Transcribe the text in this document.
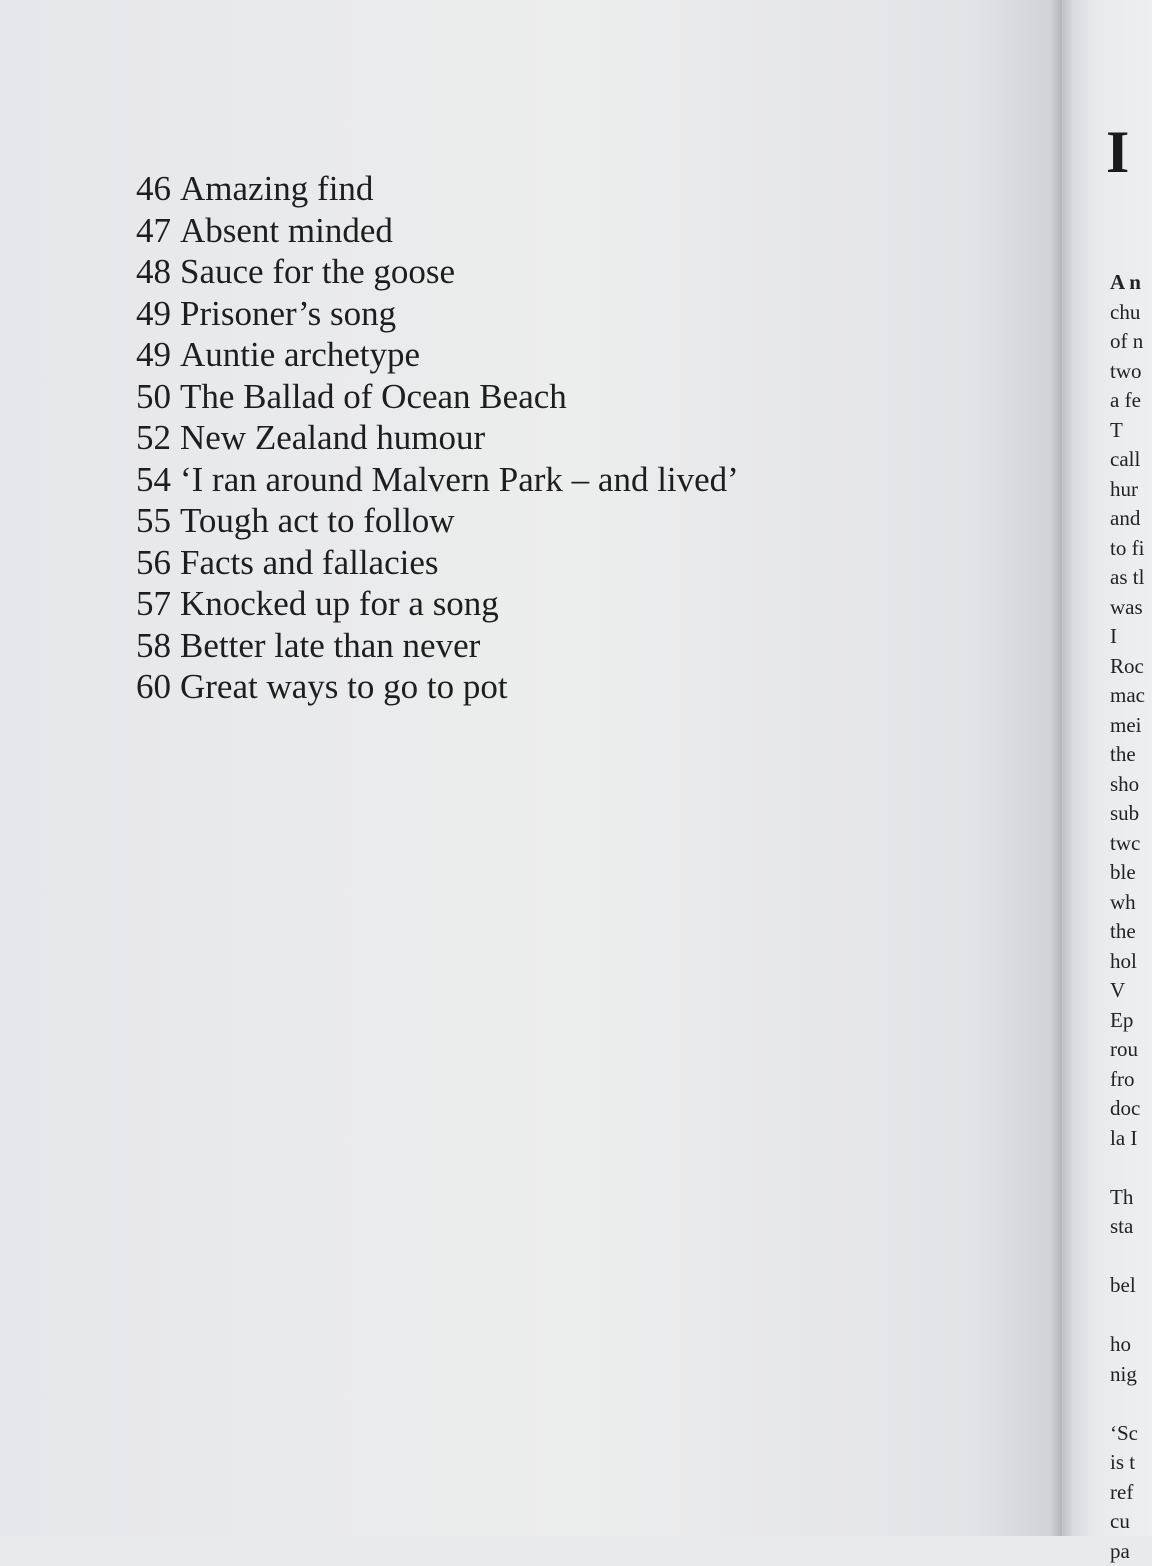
46 Amazing find
47 Absent minded
48 Sauce for the goose
49 Prisoner’s song
49 Auntie archetype
50 The Ballad of Ocean Beach
52 New Zealand humour
54 ‘I ran around Malvern Park – and lived’
55 Tough act to follow
56 Facts and fallacies
57 Knocked up for a song
58 Better late than never
60 Great ways to go to pot
I
A n
chu
of n
two
a fe
T
call
hur
and
to fi
as tl
was
I
Roc
mac
mei
the
sho
sub
twc
ble
wh
the
hol
V
Ep
rou
fro
doc
la I
Th
sta
bel
ho
nig
‘Sc
is t
ref
cu
pa
